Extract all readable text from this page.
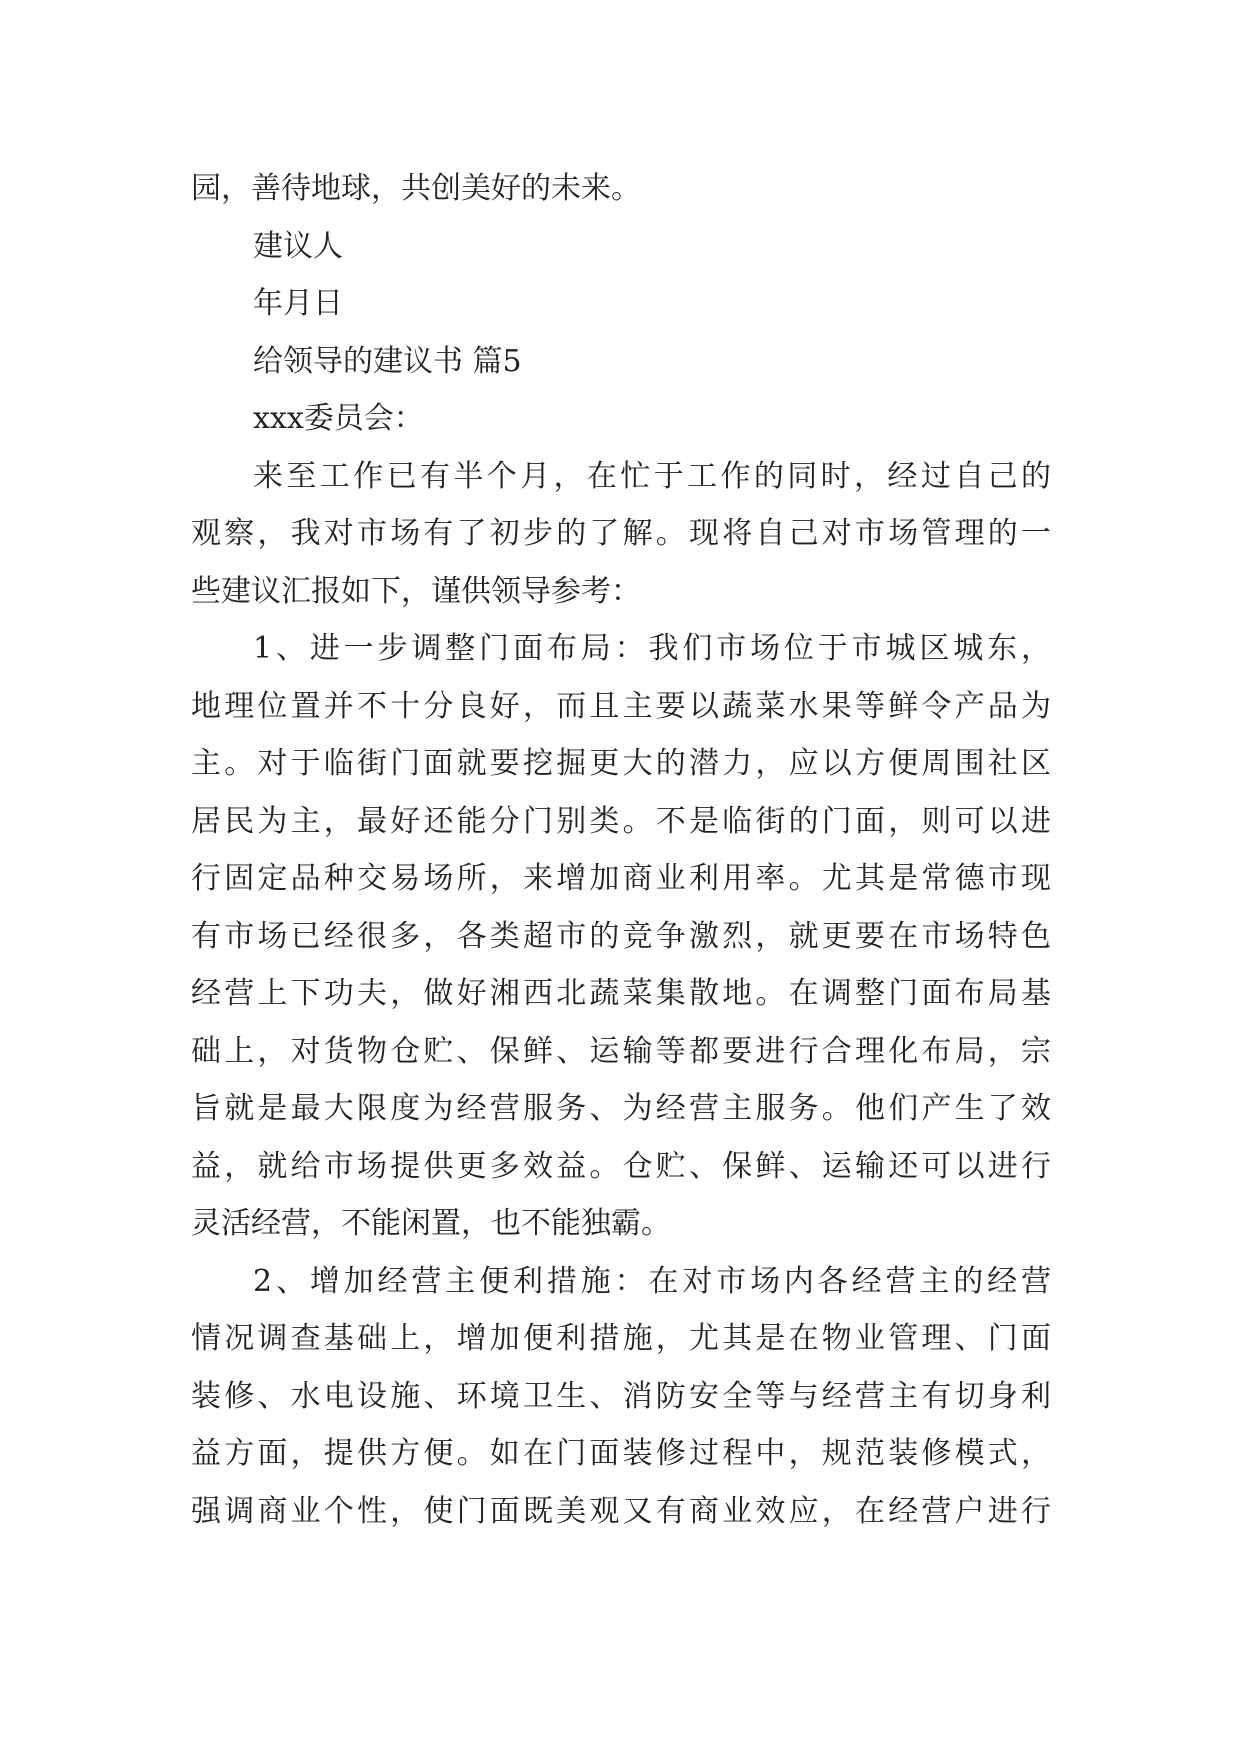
园，善待地球，共创美好的未来。
建议人
年月日
给领导的建议书 篇5
xxx委员会：
来至工作已有半个月，在忙于工作的同时，经过自己的
观察，我对市场有了初步的了解。现将自己对市场管理的一
些建议汇报如下，谨供领导参考：
1、进一步调整门面布局：我们市场位于市城区城东，
地理位置并不十分良好，而且主要以蔬菜水果等鲜令产品为
主。对于临街门面就要挖掘更大的潜力，应以方便周围社区
居民为主，最好还能分门别类。不是临街的门面，则可以进
行固定品种交易场所，来增加商业利用率。尤其是常德市现
有市场已经很多，各类超市的竞争激烈，就更要在市场特色
经营上下功夫，做好湘西北蔬菜集散地。在调整门面布局基
础上，对货物仓贮、保鲜、运输等都要进行合理化布局，宗
旨就是最大限度为经营服务、为经营主服务。他们产生了效
益，就给市场提供更多效益。仓贮、保鲜、运输还可以进行
灵活经营，不能闲置，也不能独霸。
2、增加经营主便利措施：在对市场内各经营主的经营
情况调查基础上，增加便利措施，尤其是在物业管理、门面
装修、水电设施、环境卫生、消防安全等与经营主有切身利
益方面，提供方便。如在门面装修过程中，规范装修模式，
强调商业个性，使门面既美观又有商业效应，在经营户进行
